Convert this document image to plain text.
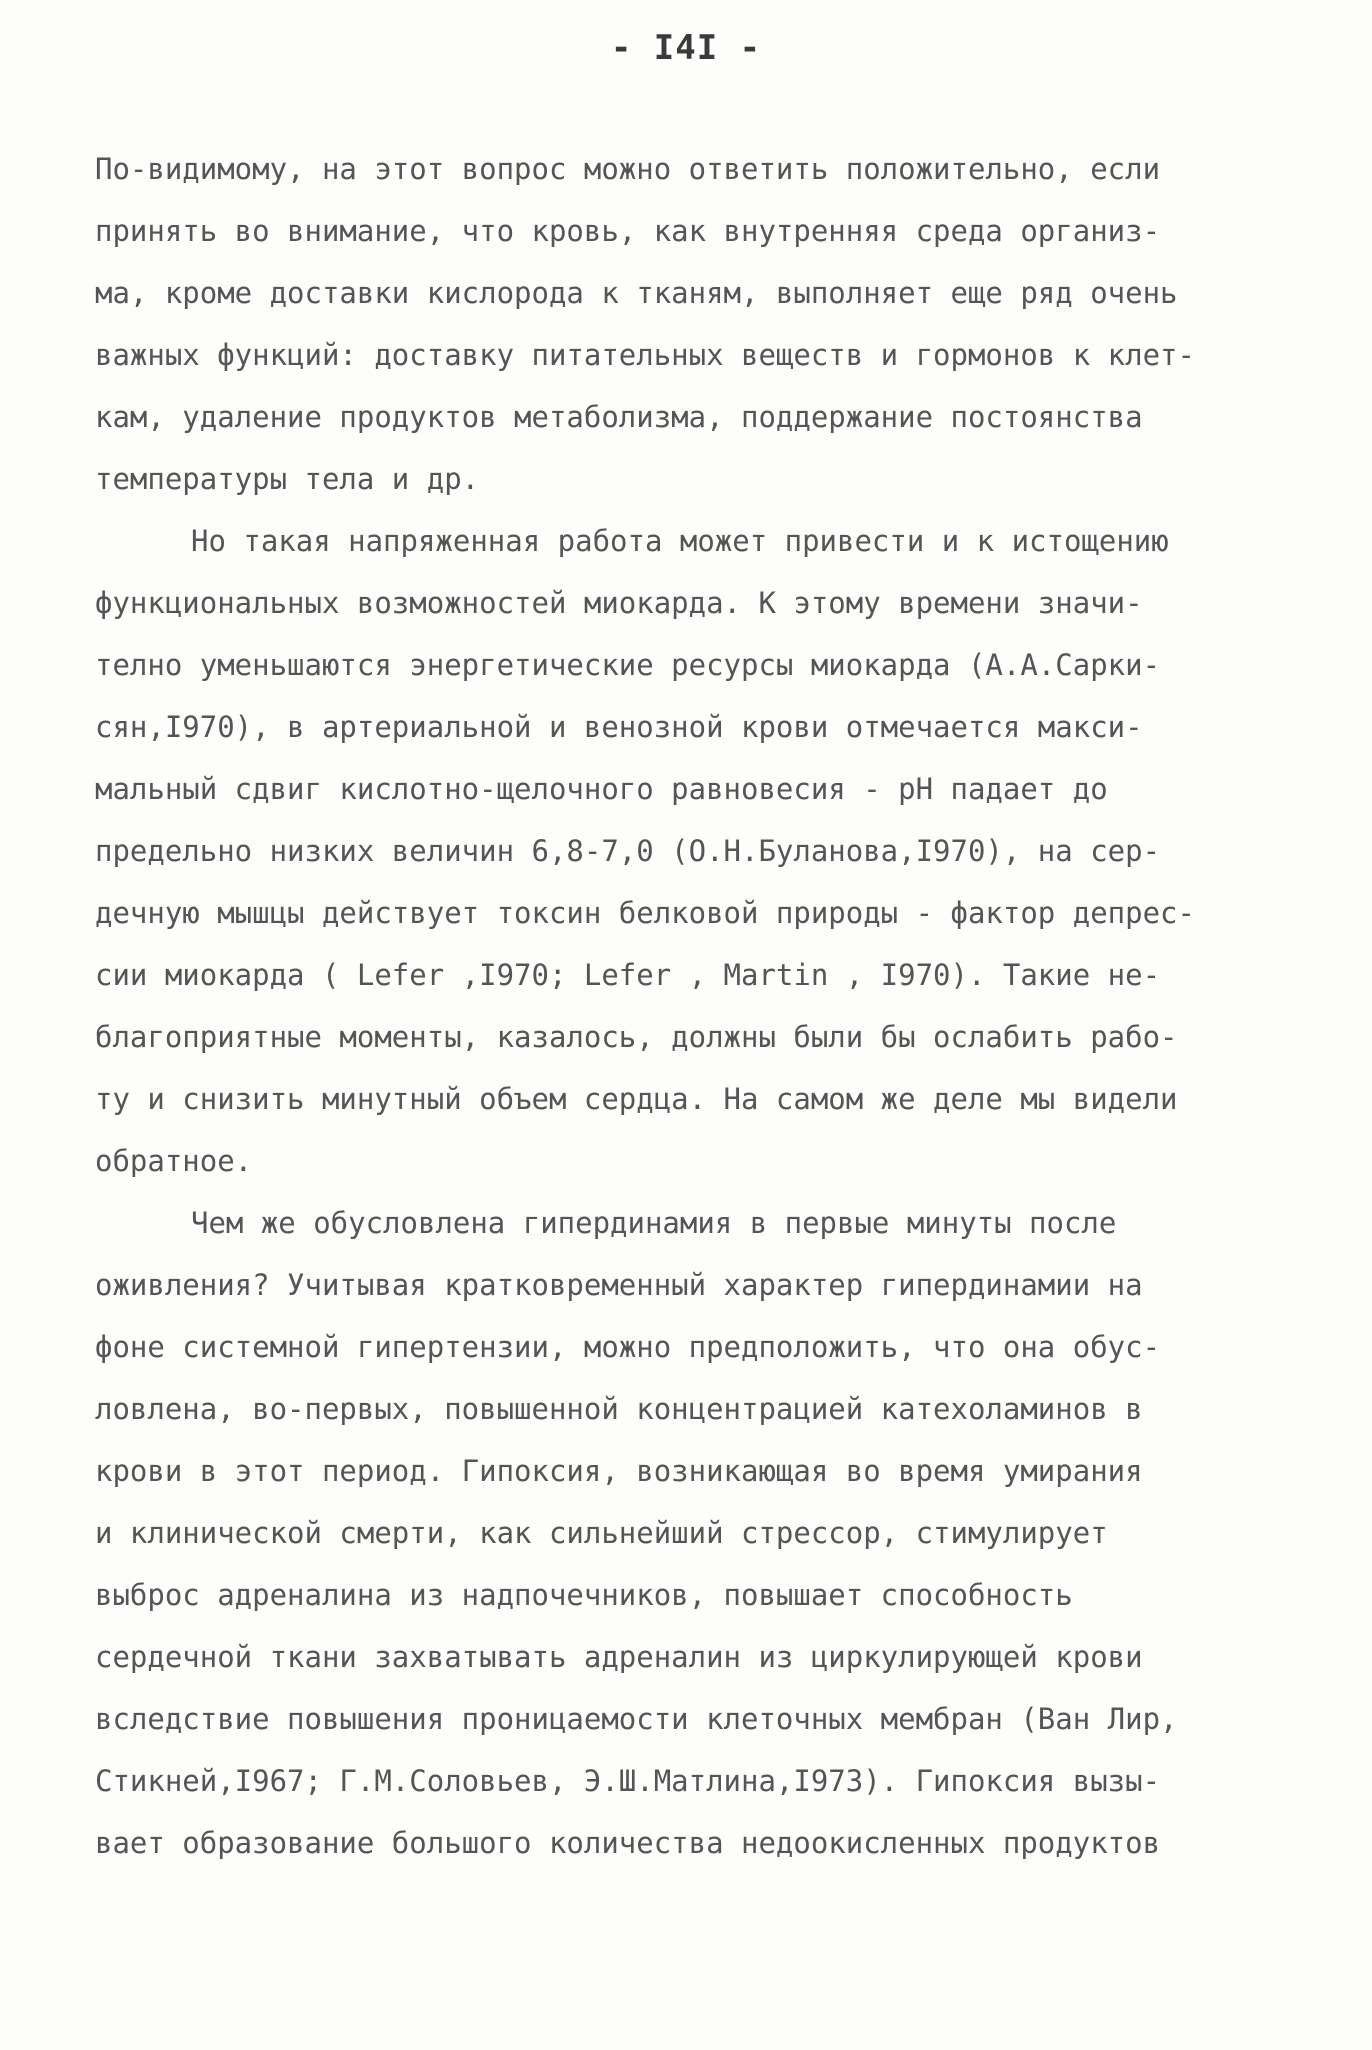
- I4I -
По-видимому, на этот вопрос можно ответить положительно, если
принять во внимание, что кровь, как внутренняя среда организ-
ма, кроме доставки кислорода к тканям, выполняет еще ряд очень
важных функций: доставку питательных веществ и гормонов к клет-
кам, удаление продуктов метаболизма, поддержание постоянства
температуры тела и др.
Но такая напряженная работа может привести и к истощению
функциональных возможностей миокарда. К этому времени значи-
телно уменьшаются энергетические ресурсы миокарда (А.А.Сарки-
сян,I970), в артериальной и венозной крови отмечается макси-
мальный сдвиг кислотно-щелочного равновесия - рН падает до
предельно низких величин 6,8-7,0 (О.Н.Буланова,I970), на сер-
дечную мышцы действует токсин белковой природы - фактор депрес-
сии миокарда ( Lefer ,I970; Lefer , Martin , I970). Такие не-
благоприятные моменты, казалось, должны были бы ослабить рабо-
ту и снизить минутный объем сердца. На самом же деле мы видели
обратное.
Чем же обусловлена гипердинамия в первые минуты после
оживления? Учитывая кратковременный характер гипердинамии на
фоне системной гипертензии, можно предположить, что она обус-
ловлена, во-первых, повышенной концентрацией катехоламинов в
крови в этот период. Гипоксия, возникающая во время умирания
и клинической смерти, как сильнейший стрессор, стимулирует
выброс адреналина из надпочечников, повышает способность
сердечной ткани захватывать адреналин из циркулирующей крови
вследствие повышения проницаемости клеточных мембран (Ван Лир,
Стикней,I967; Г.М.Соловьев, Э.Ш.Матлина,I973). Гипоксия вызы-
вает образование большого количества недоокисленных продуктов
